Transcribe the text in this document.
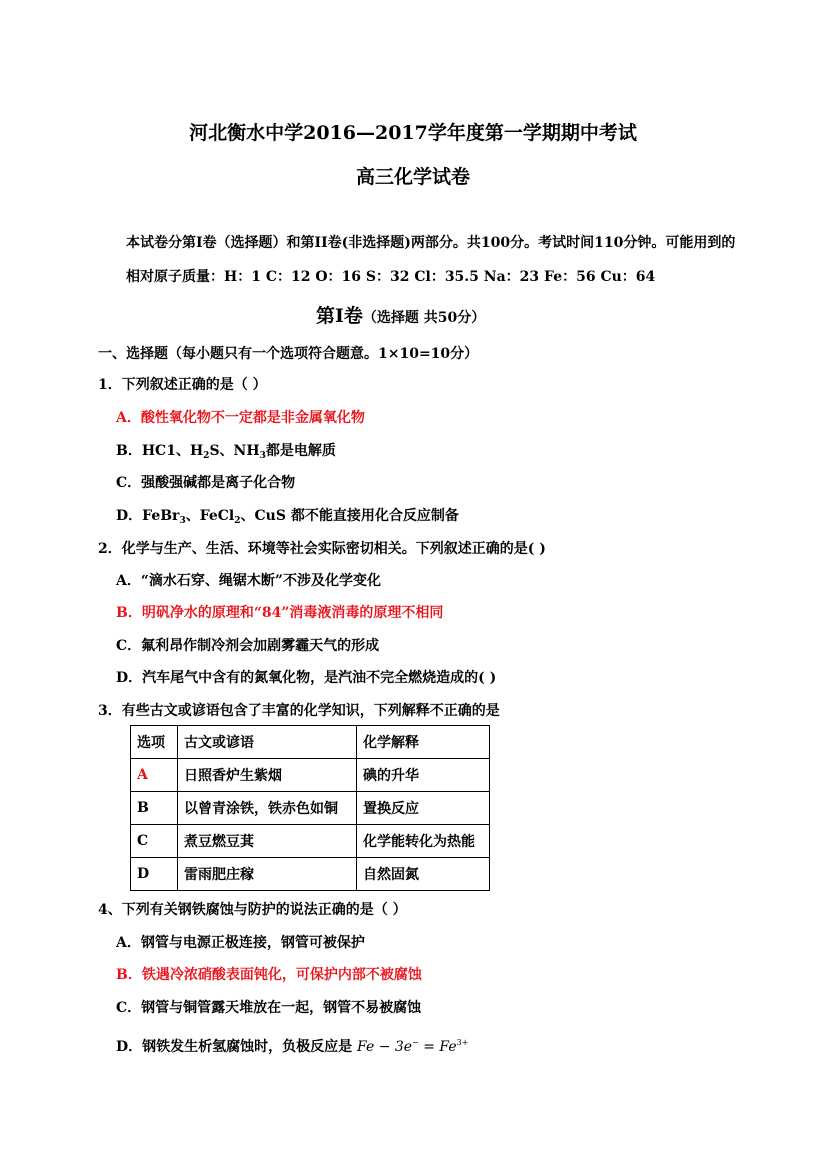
河北衡水中学2016—2017学年度第一学期期中考试
高三化学试卷
本试卷分第Ⅰ卷（选择题）和第II卷(非选择题)两部分。共100分。考试时间110分钟。可能用到的
相对原子质量：H：1 C：12 O：16 S：32 Cl：35.5 Na：23 Fe：56 Cu：64
第Ⅰ卷（选择题 共50分）
一、选择题（每小题只有一个选项符合题意。1×10=10分）
1．下列叙述正确的是（ ）
A．酸性氧化物不一定都是非金属氧化物
B．HC1、$H_2S$、$NH_3$都是电解质
C．强酸强碱都是离子化合物
D．FeBr$_3$、FeCl$_2$、CuS 都不能直接用化合反应制备
2．化学与生产、生活、环境等社会实际密切相关。下列叙述正确的是( )
A．“滴水石穿、绳锯木断”不涉及化学变化
B．明矾净水的原理和“84”消毒液消毒的原理不相同
C．氟利昂作制冷剂会加剧雾霾天气的形成
D．汽车尾气中含有的氮氧化物，是汽油不完全燃烧造成的( )
3．有些古文或谚语包含了丰富的化学知识，下列解释不正确的是
选项	古文或谚语	化学解释
A	日照香炉生紫烟	碘的升华
B	以曾青涂铁，铁赤色如铜	置换反应
C	煮豆燃豆萁	化学能转化为热能
D	雷雨肥庄稼	自然固氮
4、下列有关钢铁腐蚀与防护的说法正确的是（ ）
A．钢管与电源正极连接，钢管可被保护
B．铁遇冷浓硝酸表面钝化，可保护内部不被腐蚀
C．钢管与铜管露天堆放在一起，钢管不易被腐蚀
D．钢铁发生析氢腐蚀时，负极反应是 $Fe - 3e^- = Fe^{3+}$
